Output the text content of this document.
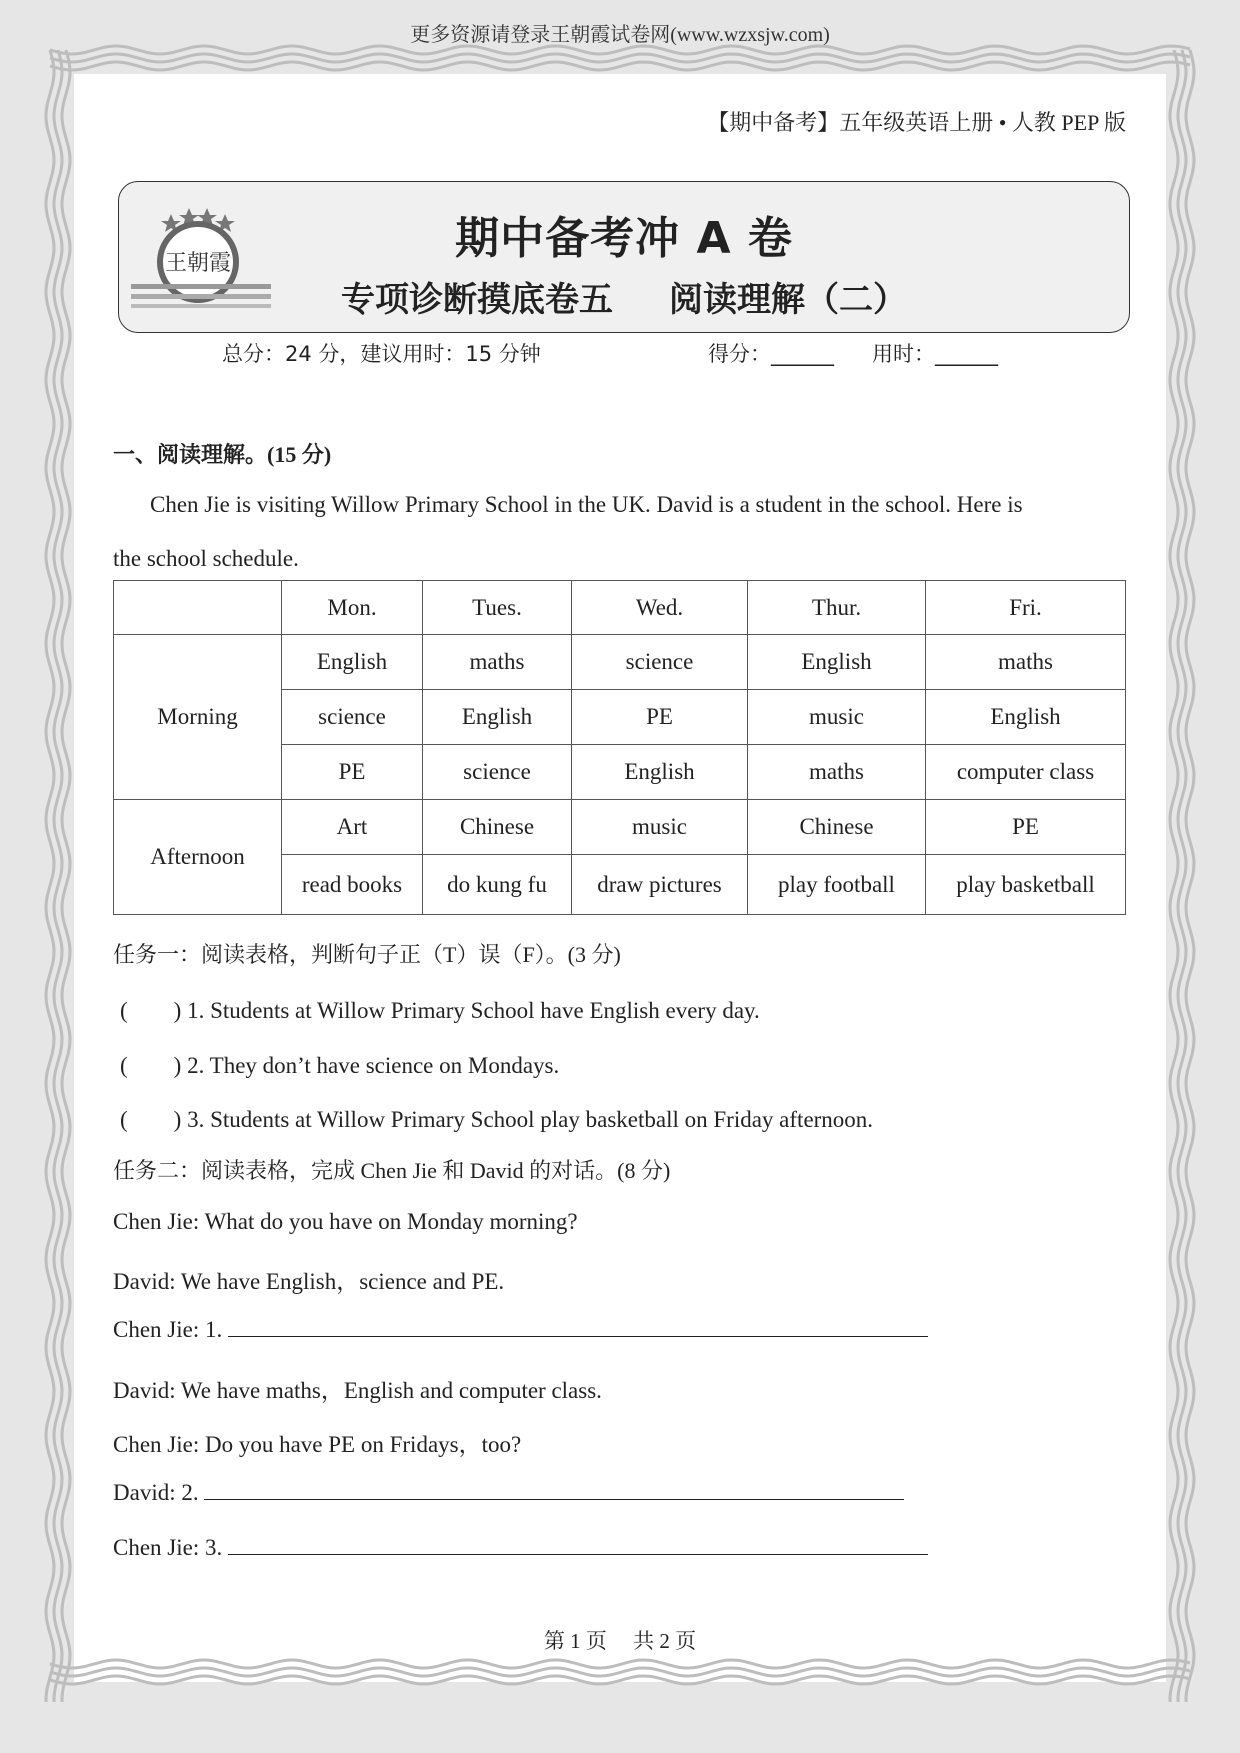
更多资源请登录王朝霞试卷网(www.wzxsjw.com)
【期中备考】五年级英语上册 • 人教 PEP 版
王朝霞	期中备考冲 A 卷
专项诊断摸底卷五 阅读理解（二）
总分：24 分，建议用时：15 分钟	得分：______ 用时：______
一、阅读理解。(15 分)
Chen Jie is visiting Willow Primary School in the UK. David is a student in the school. Here is
the school schedule.
	Mon.	Tues.	Wed.	Thur.	Fri.
Morning	English	maths	science	English	maths
	science	English	PE	music	English
	PE	science	English	maths	computer class
Afternoon	Art	Chinese	music	Chinese	PE
	read books	do kung fu	draw pictures	play football	play basketball
任务一：阅读表格，判断句子正（T）误（F）。(3 分)
(　　) 1. Students at Willow Primary School have English every day.
(　　) 2. They don’t have science on Mondays.
(　　) 3. Students at Willow Primary School play basketball on Friday afternoon.
任务二：阅读表格，完成 Chen Jie 和 David 的对话。(8 分)
Chen Jie: What do you have on Monday morning?
David: We have English，science and PE.
Chen Jie: 1.
David: We have maths，English and computer class.
Chen Jie: Do you have PE on Fridays，too?
David: 2.
Chen Jie: 3.
第 1 页　 共 2 页
